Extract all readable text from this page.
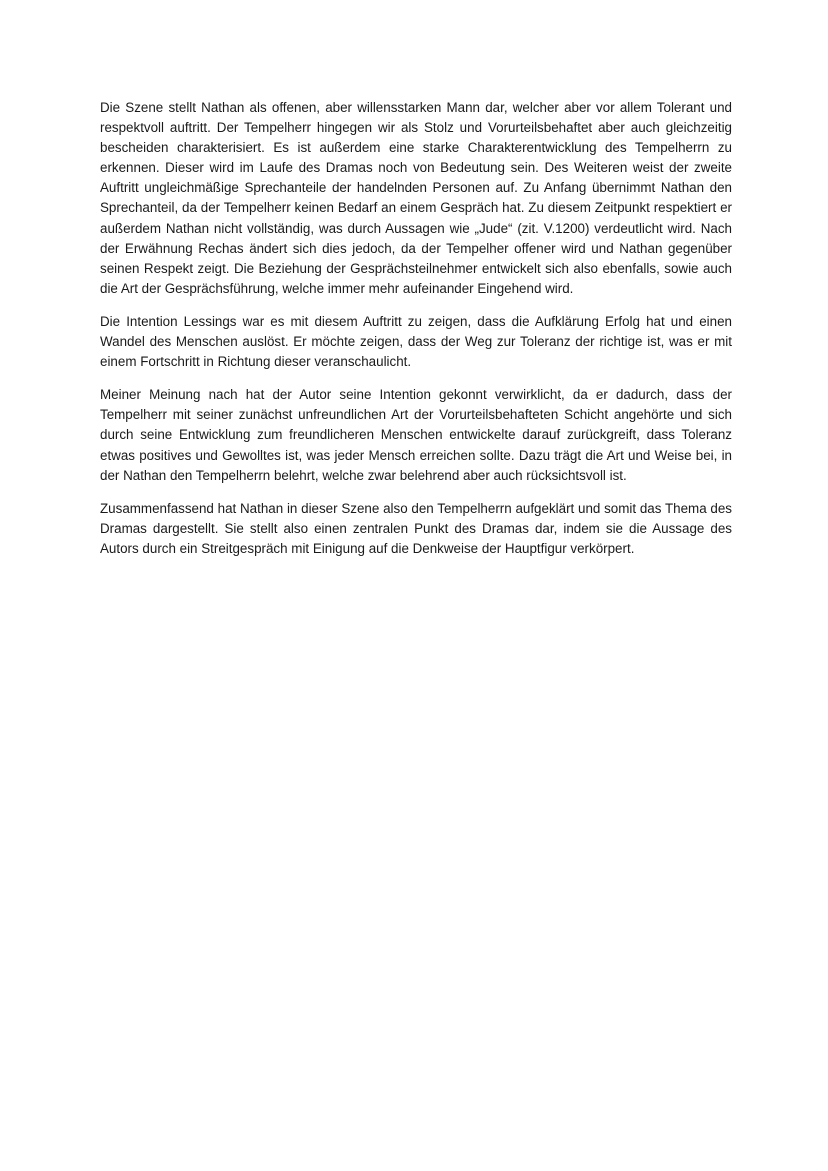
Die Szene stellt Nathan als offenen, aber willensstarken Mann dar, welcher aber vor allem Tolerant und respektvoll auftritt. Der Tempelherr hingegen wir als Stolz und Vorurteilsbehaftet aber auch gleichzeitig bescheiden charakterisiert. Es ist außerdem eine starke Charakterentwicklung des Tempelherrn zu erkennen. Dieser wird im Laufe des Dramas noch von Bedeutung sein. Des Weiteren weist der zweite Auftritt ungleichmäßige Sprechanteile der handelnden Personen auf. Zu Anfang übernimmt Nathan den Sprechanteil, da der Tempelherr keinen Bedarf an einem Gespräch hat. Zu diesem Zeitpunkt respektiert er außerdem Nathan nicht vollständig, was durch Aussagen wie „Jude“ (zit. V.1200) verdeutlicht wird. Nach der Erwähnung Rechas ändert sich dies jedoch, da der Tempelher offener wird und Nathan gegenüber seinen Respekt zeigt. Die Beziehung der Gesprächsteilnehmer entwickelt sich also ebenfalls, sowie auch die Art der Gesprächsführung, welche immer mehr aufeinander Eingehend wird.

Die Intention Lessings war es mit diesem Auftritt zu zeigen, dass die Aufklärung Erfolg hat und einen Wandel des Menschen auslöst. Er möchte zeigen, dass der Weg zur Toleranz der richtige ist, was er mit einem Fortschritt in Richtung dieser veranschaulicht.

Meiner Meinung nach hat der Autor seine Intention gekonnt verwirklicht, da er dadurch, dass der Tempelherr mit seiner zunächst unfreundlichen Art der Vorurteilsbehafteten Schicht angehörte und sich durch seine Entwicklung zum freundlicheren Menschen entwickelte darauf zurückgreift, dass Toleranz etwas positives und Gewolltes ist, was jeder Mensch erreichen sollte. Dazu trägt die Art und Weise bei, in der Nathan den Tempelherrn belehrt, welche zwar belehrend aber auch rücksichtsvoll ist.

Zusammenfassend hat Nathan in dieser Szene also den Tempelherrn aufgeklärt und somit das Thema des Dramas dargestellt. Sie stellt also einen zentralen Punkt des Dramas dar, indem sie die Aussage des Autors durch ein Streitgespräch mit Einigung auf die Denkweise der Hauptfigur verkörpert.
